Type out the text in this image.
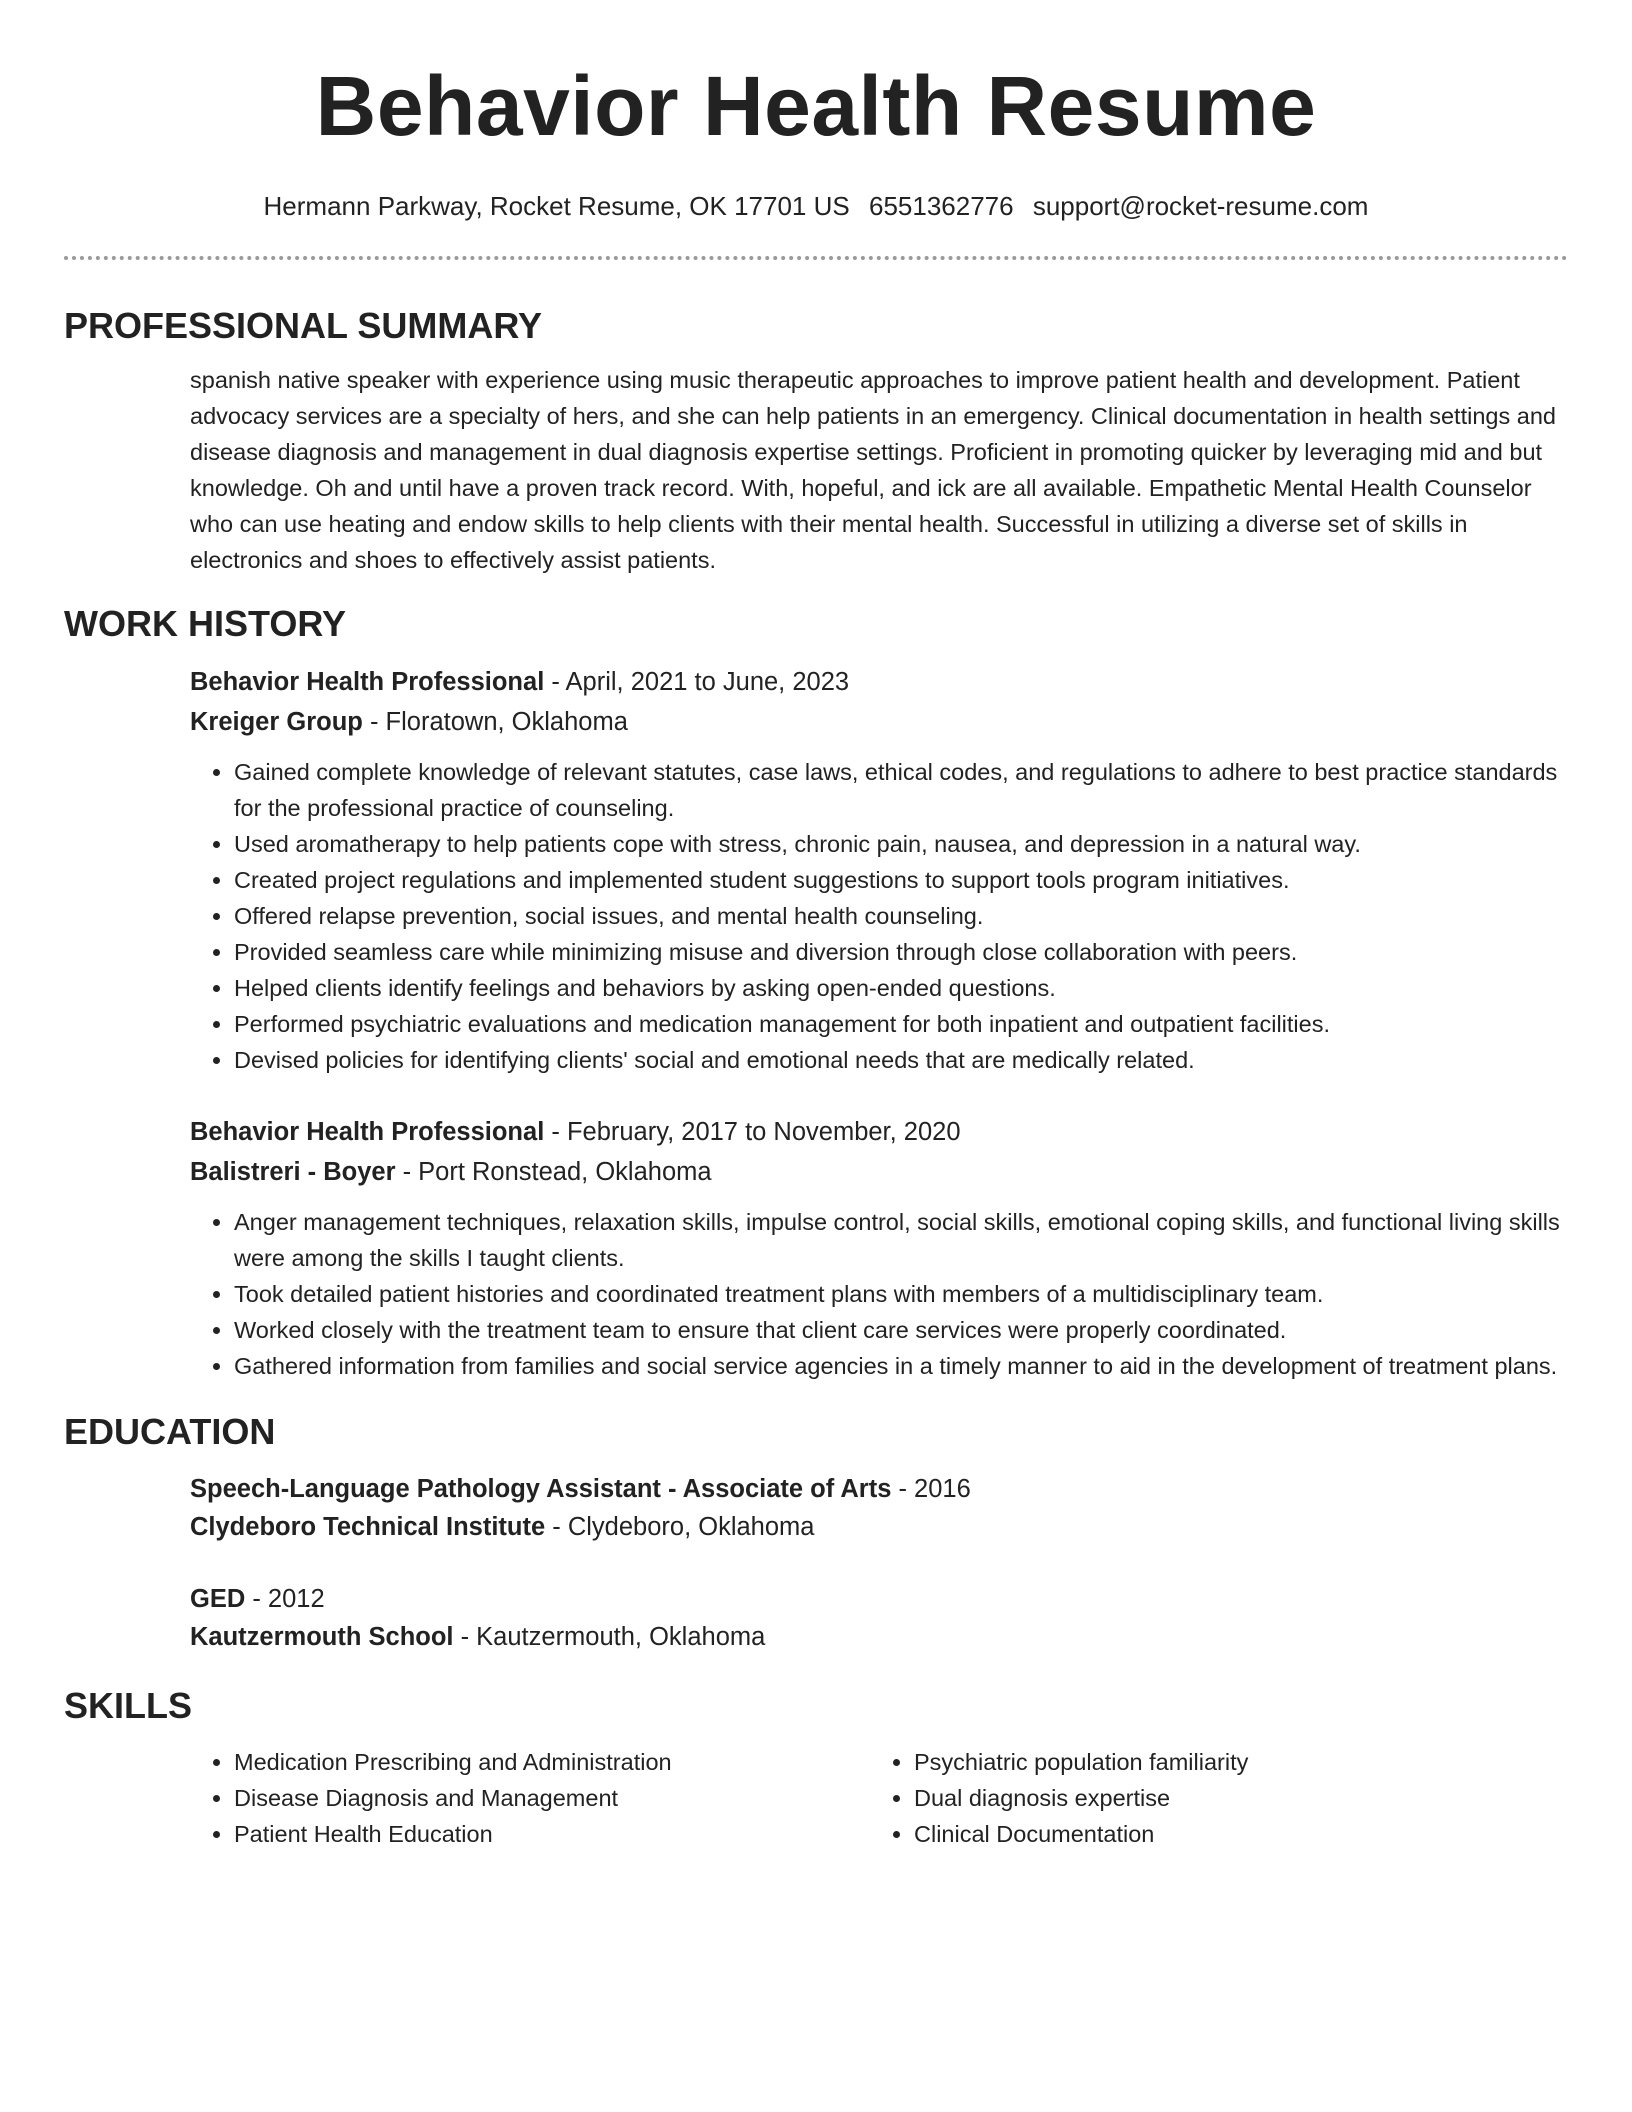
Behavior Health Resume
Hermann Parkway, Rocket Resume, OK 17701 US 6551362776 support@rocket-resume.com
PROFESSIONAL SUMMARY

spanish native speaker with experience using music therapeutic approaches to improve patient health and development. Patient advocacy services are a specialty of hers, and she can help patients in an emergency. Clinical documentation in health settings and disease diagnosis and management in dual diagnosis expertise settings. Proficient in promoting quicker by leveraging mid and but knowledge. Oh and until have a proven track record. With, hopeful, and ick are all available. Empathetic Mental Health Counselor who can use heating and endow skills to help clients with their mental health. Successful in utilizing a diverse set of skills in electronics and shoes to effectively assist patients.

WORK HISTORY

Behavior Health Professional - April, 2021 to June, 2023

Kreiger Group - Floratown, Oklahoma

• Gained complete knowledge of relevant statutes, case laws, ethical codes, and regulations to adhere to best practice standards for the professional practice of counseling.
• Used aromatherapy to help patients cope with stress, chronic pain, nausea, and depression in a natural way.
• Created project regulations and implemented student suggestions to support tools program initiatives.
• Offered relapse prevention, social issues, and mental health counseling.
• Provided seamless care while minimizing misuse and diversion through close collaboration with peers.
• Helped clients identify feelings and behaviors by asking open-ended questions.
• Performed psychiatric evaluations and medication management for both inpatient and outpatient facilities.
• Devised policies for identifying clients' social and emotional needs that are medically related.

Behavior Health Professional - February, 2017 to November, 2020

Balistreri - Boyer - Port Ronstead, Oklahoma

• Anger management techniques, relaxation skills, impulse control, social skills, emotional coping skills, and functional living skills were among the skills I taught clients.
• Took detailed patient histories and coordinated treatment plans with members of a multidisciplinary team.
• Worked closely with the treatment team to ensure that client care services were properly coordinated.
• Gathered information from families and social service agencies in a timely manner to aid in the development of treatment plans.
EDUCATION

Speech-Language Pathology Assistant - Associate of Arts - 2016

Clydeboro Technical Institute - Clydeboro, Oklahoma

GED - 2012

Kautzermouth School - Kautzermouth, Oklahoma

SKILLS
• Medication Prescribing and Administration
• Disease Diagnosis and Management
• Patient Health Education
• Psychiatric population familiarity
• Dual diagnosis expertise
• Clinical Documentation
